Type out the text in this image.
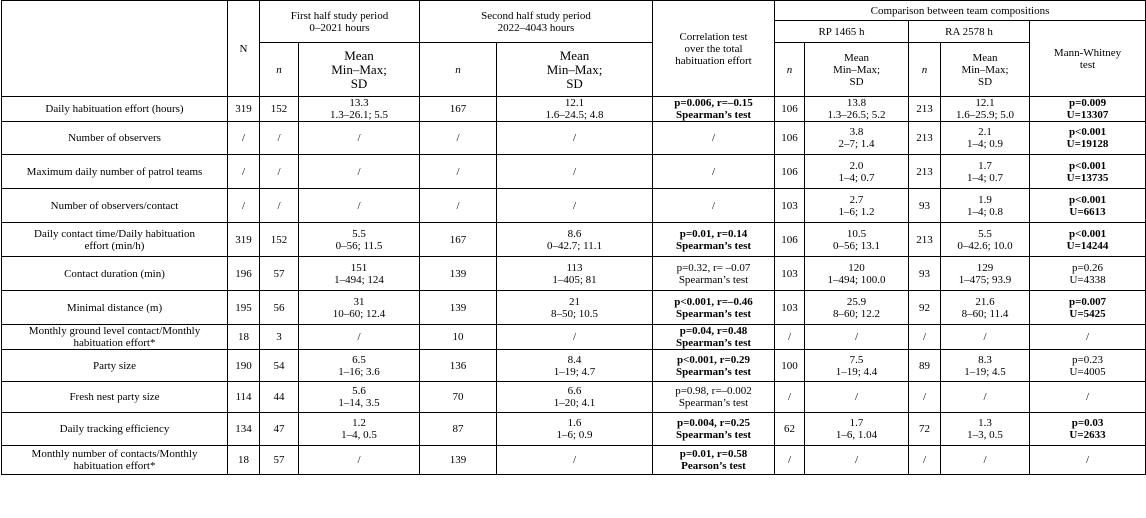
	N	First half study period
0–2021 hours		Second half study period
2022–4043 hours		Correlation test
over the total
habituation effort	Comparison between team compositions				
							RP 1465 h		RA 2578 h		Mann-Whitney
test

		n	Mean
Min–Max;
SD	n	Mean
Min–Max;
SD		n	Mean
Min–Max;
SD	n	Mean
Min–Max;
SD	

Daily habituation effort (hours)	319	152	13.3
1.3–26.1; 5.5	167	12.1
1.6–24.5; 4.8	p=0.006, r=–0.15
Spearman’s test	106	13.8
1.3–26.5; 5.2	213	12.1
1.6–25.9; 5.0	p=0.009
U=13307

Number of observers	/	/	/	/	/	/	106	3.8
2–7; 1.4	213	2.1
1–4; 0.9	p<0.001
U=19128

Maximum daily number of patrol teams	/	/	/	/	/	/	106	2.0
1–4; 0.7	213	1.7
1–4; 0.7	p<0.001
U=13735

Number of observers/contact	/	/	/	/	/	/	103	2.7
1–6; 1.2	93	1.9
1–4; 0.8	p<0.001
U=6613

Daily contact time/Daily habituation
effort (min/h)	319	152	5.5
0–56; 11.5	167	8.6
0–42.7; 11.1	p=0.01, r=0.14
Spearman’s test	106	10.5
0–56; 13.1	213	5.5
0–42.6; 10.0	p<0.001
U=14244

Contact duration (min)	196	57	151
1–494; 124	139	113
1–405; 81	p=0.32, r= –0.07
Spearman’s test	103	120
1–494; 100.0	93	129
1–475; 93.9	p=0.26
U=4338

Minimal distance (m)	195	56	31
10–60; 12.4	139	21
8–50; 10.5	p<0.001, r=–0.46
Spearman’s test	103	25.9
8–60; 12.2	92	21.6
8–60; 11.4	p=0.007
U=5425

Monthly ground level contact/Monthly
habituation effort*	18	3	/	10	/	p=0.04, r=0.48
Spearman’s test	/	/	/	/	/

Party size	190	54	6.5
1–16; 3.6	136	8.4
1–19; 4.7	p<0.001, r=0.29
Spearman’s test	100	7.5
1–19; 4.4	89	8.3
1–19; 4.5	p=0.23
U=4005

Fresh nest party size	114	44	5.6
1–14, 3.5	70	6.6
1–20; 4.1	p=0.98, r=–0.002
Spearman’s test	/	/	/	/	/

Daily tracking efficiency	134	47	1.2
1–4, 0.5	87	1.6
1–6; 0.9	p=0.004, r=0.25
Spearman’s test	62	1.7
1–6, 1.04	72	1.3
1–3, 0.5	p=0.03
U=2633

Monthly number of contacts/Monthly
habituation effort*	18	57	/	139	/	p=0.01, r=0.58
Pearson’s test	/	/	/	/	/
